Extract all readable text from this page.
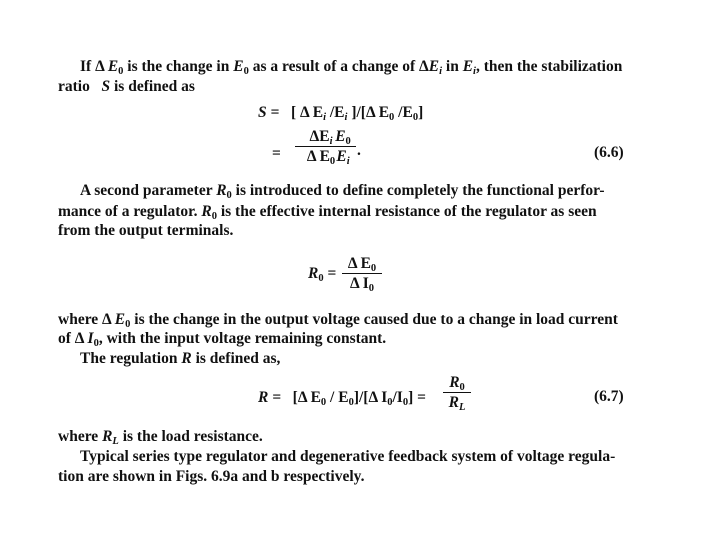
If Δ $E_0$ is the change in $E_0$ as a result of a change of $\Delta E_i$ in $E_i$, then the stabilization
ratio   S is defined as
S = [ Δ $E_i$ $/E_i$ ]/[Δ $E_0$ $/E_0$]
=
$\Delta E_i$
Δ $E_0$
$\frac{E_0}{E_i}$ .	(6.6)
A second parameter $R_0$ is introduced to define completely the functional perfor-
mance of a regulator. $R_0$ is the effective internal resistance of the regulator as seen
from the output terminals.
$R_0 = \frac{\Delta E_0}{\Delta I_0}$
where Δ $E_0$ is the change in the output voltage caused due to a change in load current
of Δ $I_0$, with the input voltage remaining constant.
The regulation R is defined as,
R = [Δ $E_0 / E_0]/[\Delta$ $I_0/I_0] = \frac{R_0}{R_L}$	(6.7)
where $R_L$ is the load resistance.
Typical series type regulator and degenerative feedback system of voltage regula-
tion are shown in Figs. 6.9a and b respectively.
